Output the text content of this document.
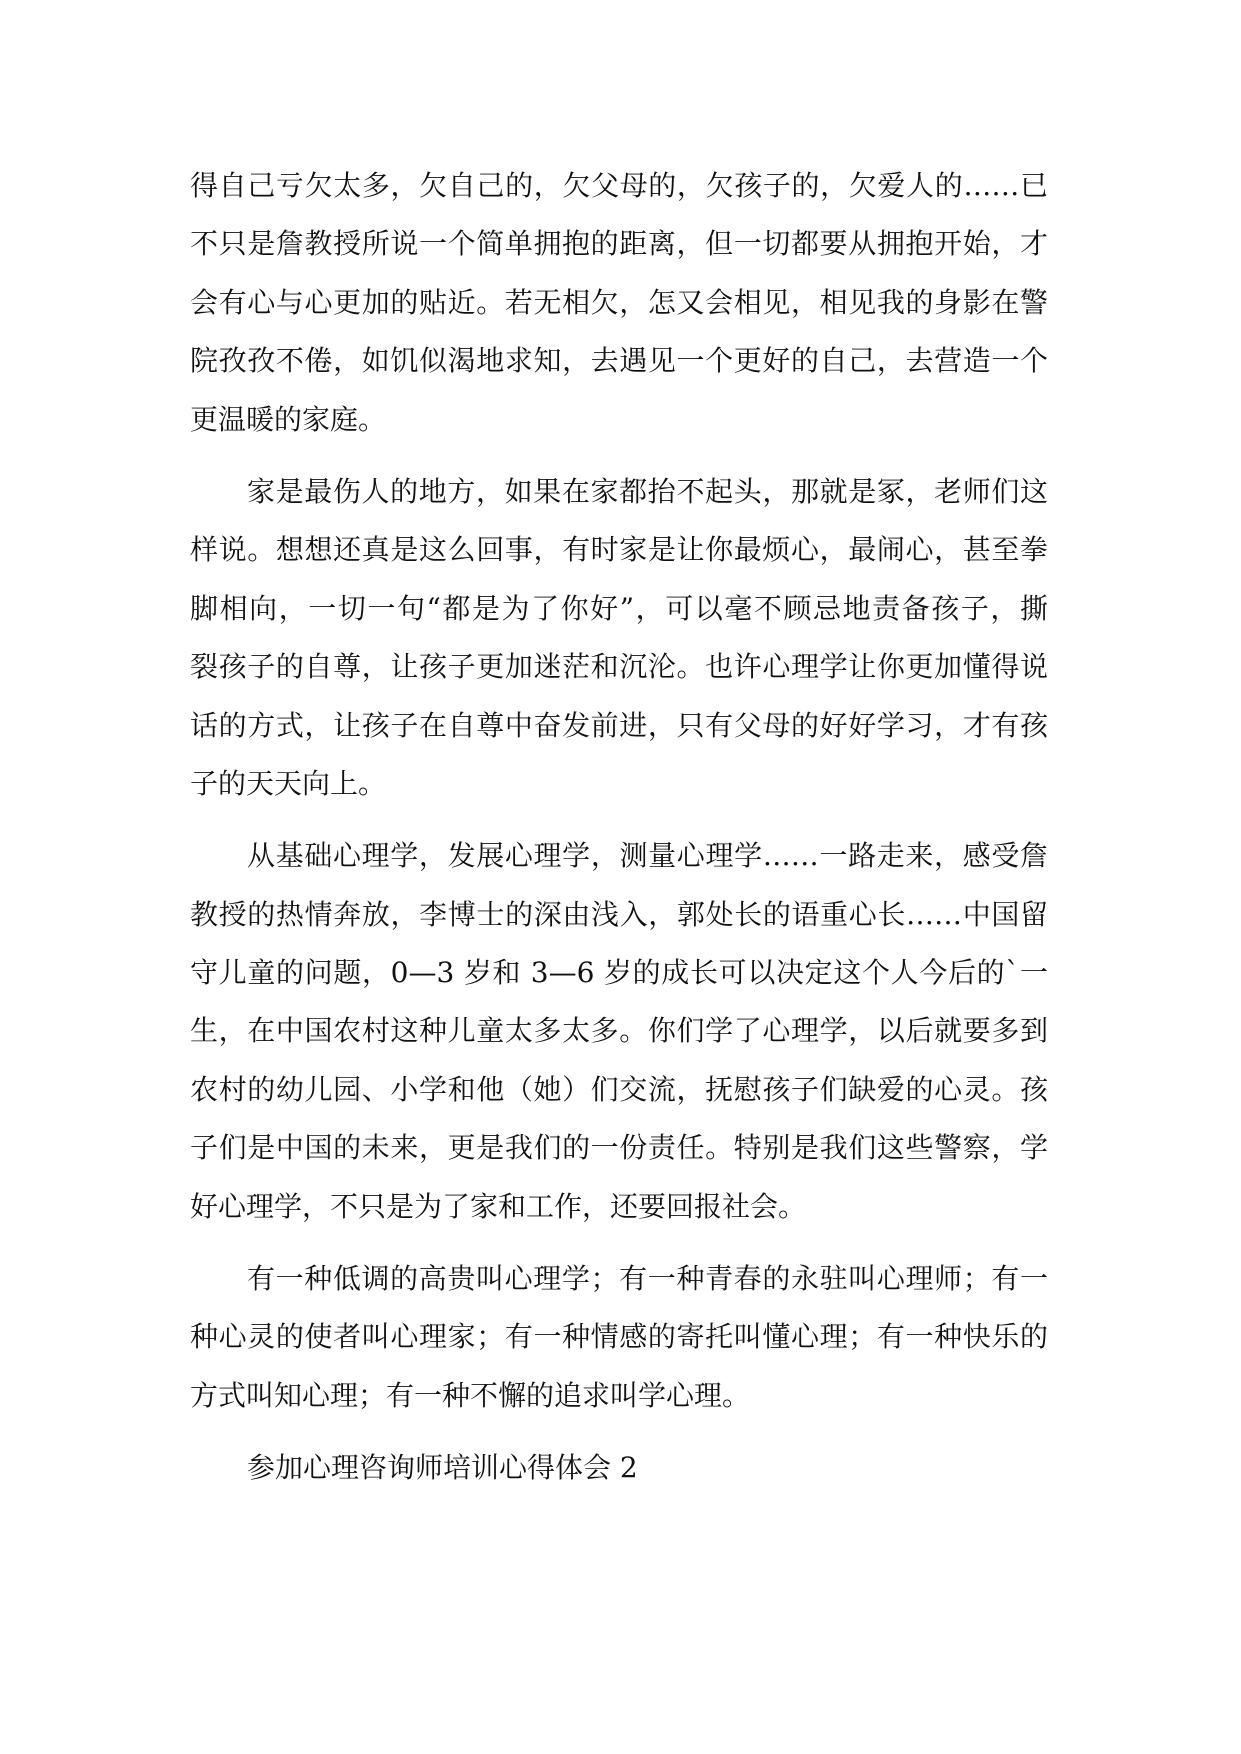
得自己亏欠太多，欠自己的，欠父母的，欠孩子的，欠爱人的……已
不只是詹教授所说一个简单拥抱的距离，但一切都要从拥抱开始，才
会有心与心更加的贴近。若无相欠，怎又会相见，相见我的身影在警
院孜孜不倦，如饥似渴地求知，去遇见一个更好的自己，去营造一个
更温暖的家庭。
家是最伤人的地方，如果在家都抬不起头，那就是冢，老师们这
样说。想想还真是这么回事，有时家是让你最烦心，最闹心，甚至拳
脚相向，一切一句“都是为了你好”，可以毫不顾忌地责备孩子，撕
裂孩子的自尊，让孩子更加迷茫和沉沦。也许心理学让你更加懂得说
话的方式，让孩子在自尊中奋发前进，只有父母的好好学习，才有孩
子的天天向上。
从基础心理学，发展心理学，测量心理学……一路走来，感受詹
教授的热情奔放，李博士的深由浅入，郭处长的语重心长……中国留
守儿童的问题，0—3 岁和 3—6 岁的成长可以决定这个人今后的`一
生，在中国农村这种儿童太多太多。你们学了心理学，以后就要多到
农村的幼儿园、小学和他（她）们交流，抚慰孩子们缺爱的心灵。孩
子们是中国的未来，更是我们的一份责任。特别是我们这些警察，学
好心理学，不只是为了家和工作，还要回报社会。
有一种低调的高贵叫心理学；有一种青春的永驻叫心理师；有一
种心灵的使者叫心理家；有一种情感的寄托叫懂心理；有一种快乐的
方式叫知心理；有一种不懈的追求叫学心理。
参加心理咨询师培训心得体会 2
